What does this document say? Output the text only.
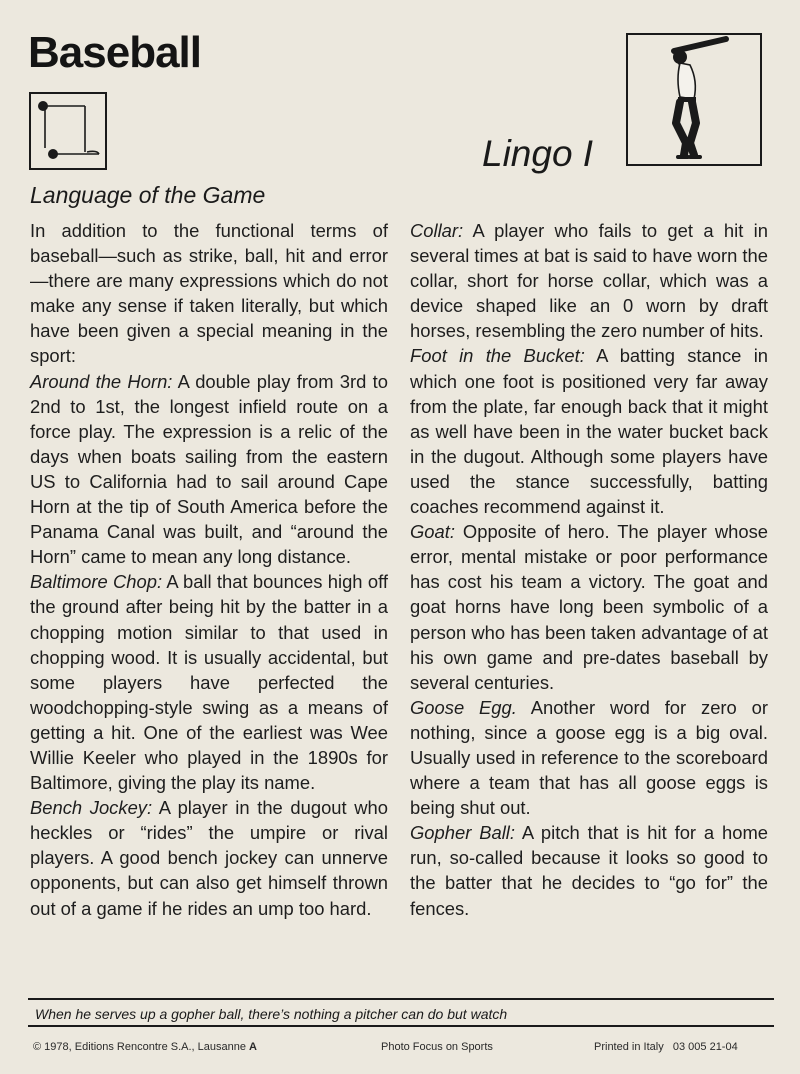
Baseball
Lingo I
Language of the Game

In addition to the functional terms of baseball—such as strike, ball, hit and error—there are many expressions which do not make any sense if taken literally, but which have been given a special meaning in the sport:

Around the Horn: A double play from 3rd to 2nd to 1st, the longest infield route on a force play. The expression is a relic of the days when boats sailing from the eastern US to California had to sail around Cape Horn at the tip of South America before the Panama Canal was built, and “around the Horn” came to mean any long distance.

Baltimore Chop: A ball that bounces high off the ground after being hit by the batter in a chopping motion similar to that used in chopping wood. It is usually accidental, but some players have perfected the woodchopping-style swing as a means of getting a hit. One of the earliest was Wee Willie Keeler who played in the 1890s for Baltimore, giving the play its name.

Bench Jockey: A player in the dugout who heckles or “rides” the umpire or rival players. A good bench jockey can unnerve opponents, but can also get himself thrown out of a game if he rides an ump too hard.

Collar: A player who fails to get a hit in several times at bat is said to have worn the collar, short for horse collar, which was a device shaped like an 0 worn by draft horses, resembling the zero number of hits.

Foot in the Bucket: A batting stance in which one foot is positioned very far away from the plate, far enough back that it might as well have been in the water bucket back in the dugout. Although some players have used the stance successfully, batting coaches recommend against it.

Goat: Opposite of hero. The player whose error, mental mistake or poor performance has cost his team a victory. The goat and goat horns have long been symbolic of a person who has been taken advantage of at his own game and pre-dates baseball by several centuries.

Goose Egg. Another word for zero or nothing, since a goose egg is a big oval. Usually used in reference to the scoreboard where a team that has all goose eggs is being shut out.

Gopher Ball: A pitch that is hit for a home run, so-called because it looks so good to the batter that he decides to “go for” the fences.

When he serves up a gopher ball, there’s nothing a pitcher can do but watch
© 1978, Editions Rencontre S.A., Lausanne A	Photo Focus on Sports	Printed in Italy 03 005 21-04
